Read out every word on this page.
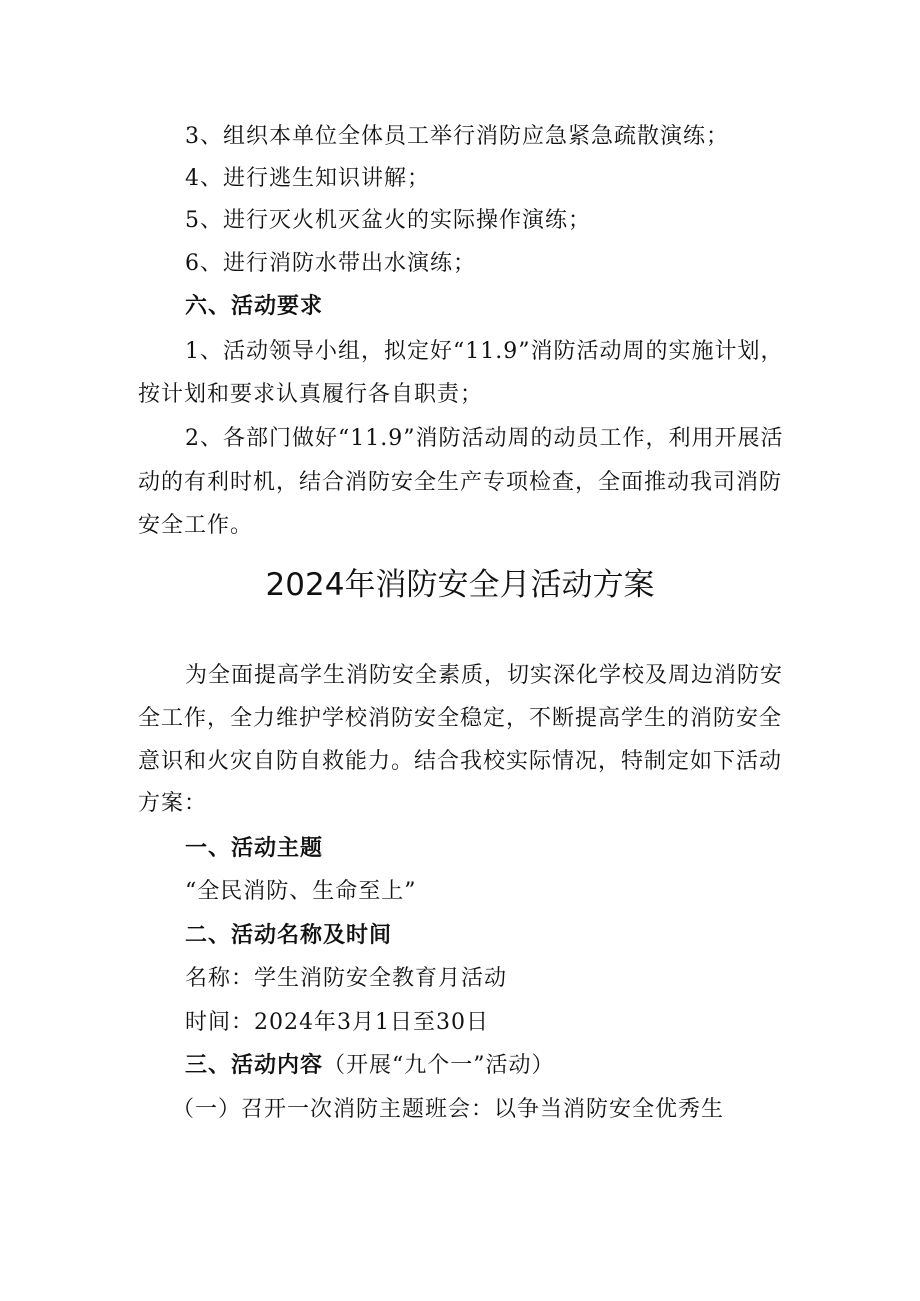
3、组织本单位全体员工举行消防应急紧急疏散演练；
4、进行逃生知识讲解；
5、进行灭火机灭盆火的实际操作演练；
6、进行消防水带出水演练；
六、活动要求
1、活动领导小组，拟定好“11.9”消防活动周的实施计划，
按计划和要求认真履行各自职责；
2、各部门做好“11.9”消防活动周的动员工作，利用开展活
动的有利时机，结合消防安全生产专项检查，全面推动我司消防
安全工作。
2024年消防安全月活动方案
为全面提高学生消防安全素质，切实深化学校及周边消防安
全工作，全力维护学校消防安全稳定，不断提高学生的消防安全
意识和火灾自防自救能力。结合我校实际情况，特制定如下活动
方案：
一、活动主题
“全民消防、生命至上”
二、活动名称及时间
名称：学生消防安全教育月活动
时间：2024年3月1日至30日
三、活动内容（开展“九个一”活动）
（一）召开一次消防主题班会：以争当消防安全优秀生
